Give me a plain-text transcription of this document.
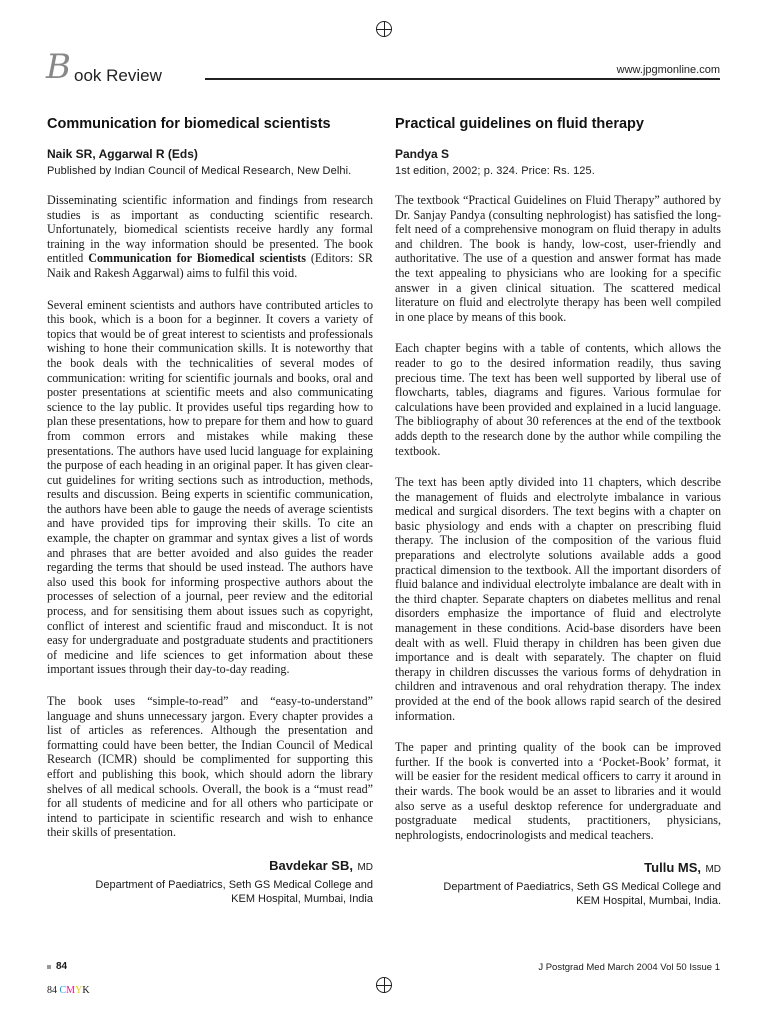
B ook Review	www.jpgmonline.com
Communication for biomedical scientists
Naik SR, Aggarwal R (Eds)
Published by Indian Council of Medical Research, New Delhi.

Disseminating scientific information and findings from research studies is as important as conducting scientific research. Unfortunately, biomedical scientists receive hardly any formal training in the way information should be presented. The book entitled Communication for Biomedical scientists (Editors: SR Naik and Rakesh Aggarwal) aims to fulfil this void.

Several eminent scientists and authors have contributed articles to this book, which is a boon for a beginner. It covers a variety of topics that would be of great interest to scientists and professionals wishing to hone their communication skills. It is noteworthy that the book deals with the technicalities of several modes of communication: writing for scientific journals and books, oral and poster presentations at scientific meets and also communicating science to the lay public. It provides useful tips regarding how to plan these presentations, how to prepare for them and how to guard from common errors and mistakes while making these presentations. The authors have used lucid language for explaining the purpose of each heading in an original paper. It has given clear-cut guidelines for writing sections such as introduction, methods, results and discussion. Being experts in scientific communication, the authors have been able to gauge the needs of average scientists and have provided tips for improving their skills. To cite an example, the chapter on grammar and syntax gives a list of words and phrases that are better avoided and also guides the reader regarding the terms that should be used instead. The authors have also used this book for informing prospective authors about the processes of selection of a journal, peer review and the editorial process, and for sensitising them about issues such as copyright, conflict of interest and scientific fraud and misconduct. It is not easy for undergraduate and postgraduate students and practitioners of medicine and life sciences to get information about these important issues through their day-to-day reading.

The book uses “simple-to-read” and “easy-to-understand” language and shuns unnecessary jargon. Every chapter provides a list of articles as references. Although the presentation and formatting could have been better, the Indian Council of Medical Research (ICMR) should be complimented for supporting this effort and publishing this book, which should adorn the library shelves of all medical schools. Overall, the book is a “must read” for all students of medicine and for all others who participate or intend to participate in scientific research and wish to enhance their skills of presentation.

Bavdekar SB, MD
Department of Paediatrics, Seth GS Medical College and
KEM Hospital, Mumbai, India
Practical guidelines on fluid therapy
Pandya S
1st edition, 2002; p. 324. Price: Rs. 125.

The textbook “Practical Guidelines on Fluid Therapy” authored by Dr. Sanjay Pandya (consulting nephrologist) has satisfied the long-felt need of a comprehensive monogram on fluid therapy in adults and children. The book is handy, low-cost, user-friendly and authoritative. The use of a question and answer format has made the text appealing to physicians who are looking for a specific answer in a given clinical situation. The scattered medical literature on fluid and electrolyte therapy has been well compiled in one place by means of this book.

Each chapter begins with a table of contents, which allows the reader to go to the desired information readily, thus saving precious time. The text has been well supported by liberal use of flowcharts, tables, diagrams and figures. Various formulae for calculations have been provided and explained in a lucid language. The bibliography of about 30 references at the end of the textbook adds depth to the research done by the author while compiling the textbook.

The text has been aptly divided into 11 chapters, which describe the management of fluids and electrolyte imbalance in various medical and surgical disorders. The text begins with a chapter on basic physiology and ends with a chapter on prescribing fluid therapy. The inclusion of the composition of the various fluid preparations and electrolyte solutions available adds a good practical dimension to the textbook. All the important disorders of fluid balance and individual electrolyte imbalance are dealt with in the third chapter. Separate chapters on diabetes mellitus and renal disorders emphasize the importance of fluid and electrolyte management in these conditions. Acid-base disorders have been dealt with as well. Fluid therapy in children has been given due importance and is dealt with separately. The chapter on fluid therapy in children discusses the various forms of dehydration in children and intravenous and oral rehydration therapy. The index provided at the end of the book allows rapid search of the desired information.

The paper and printing quality of the book can be improved further. If the book is converted into a ‘Pocket-Book’ format, it will be easier for the resident medical officers to carry it around in their wards. The book would be an asset to libraries and it would also serve as a useful desktop reference for undergraduate and postgraduate medical students, practitioners, physicians, nephrologists, endocrinologists and medical teachers.

Tullu MS, MD
Department of Paediatrics, Seth GS Medical College and
KEM Hospital, Mumbai, India.
84	J Postgrad Med March 2004 Vol 50 Issue 1
84 CMYK
